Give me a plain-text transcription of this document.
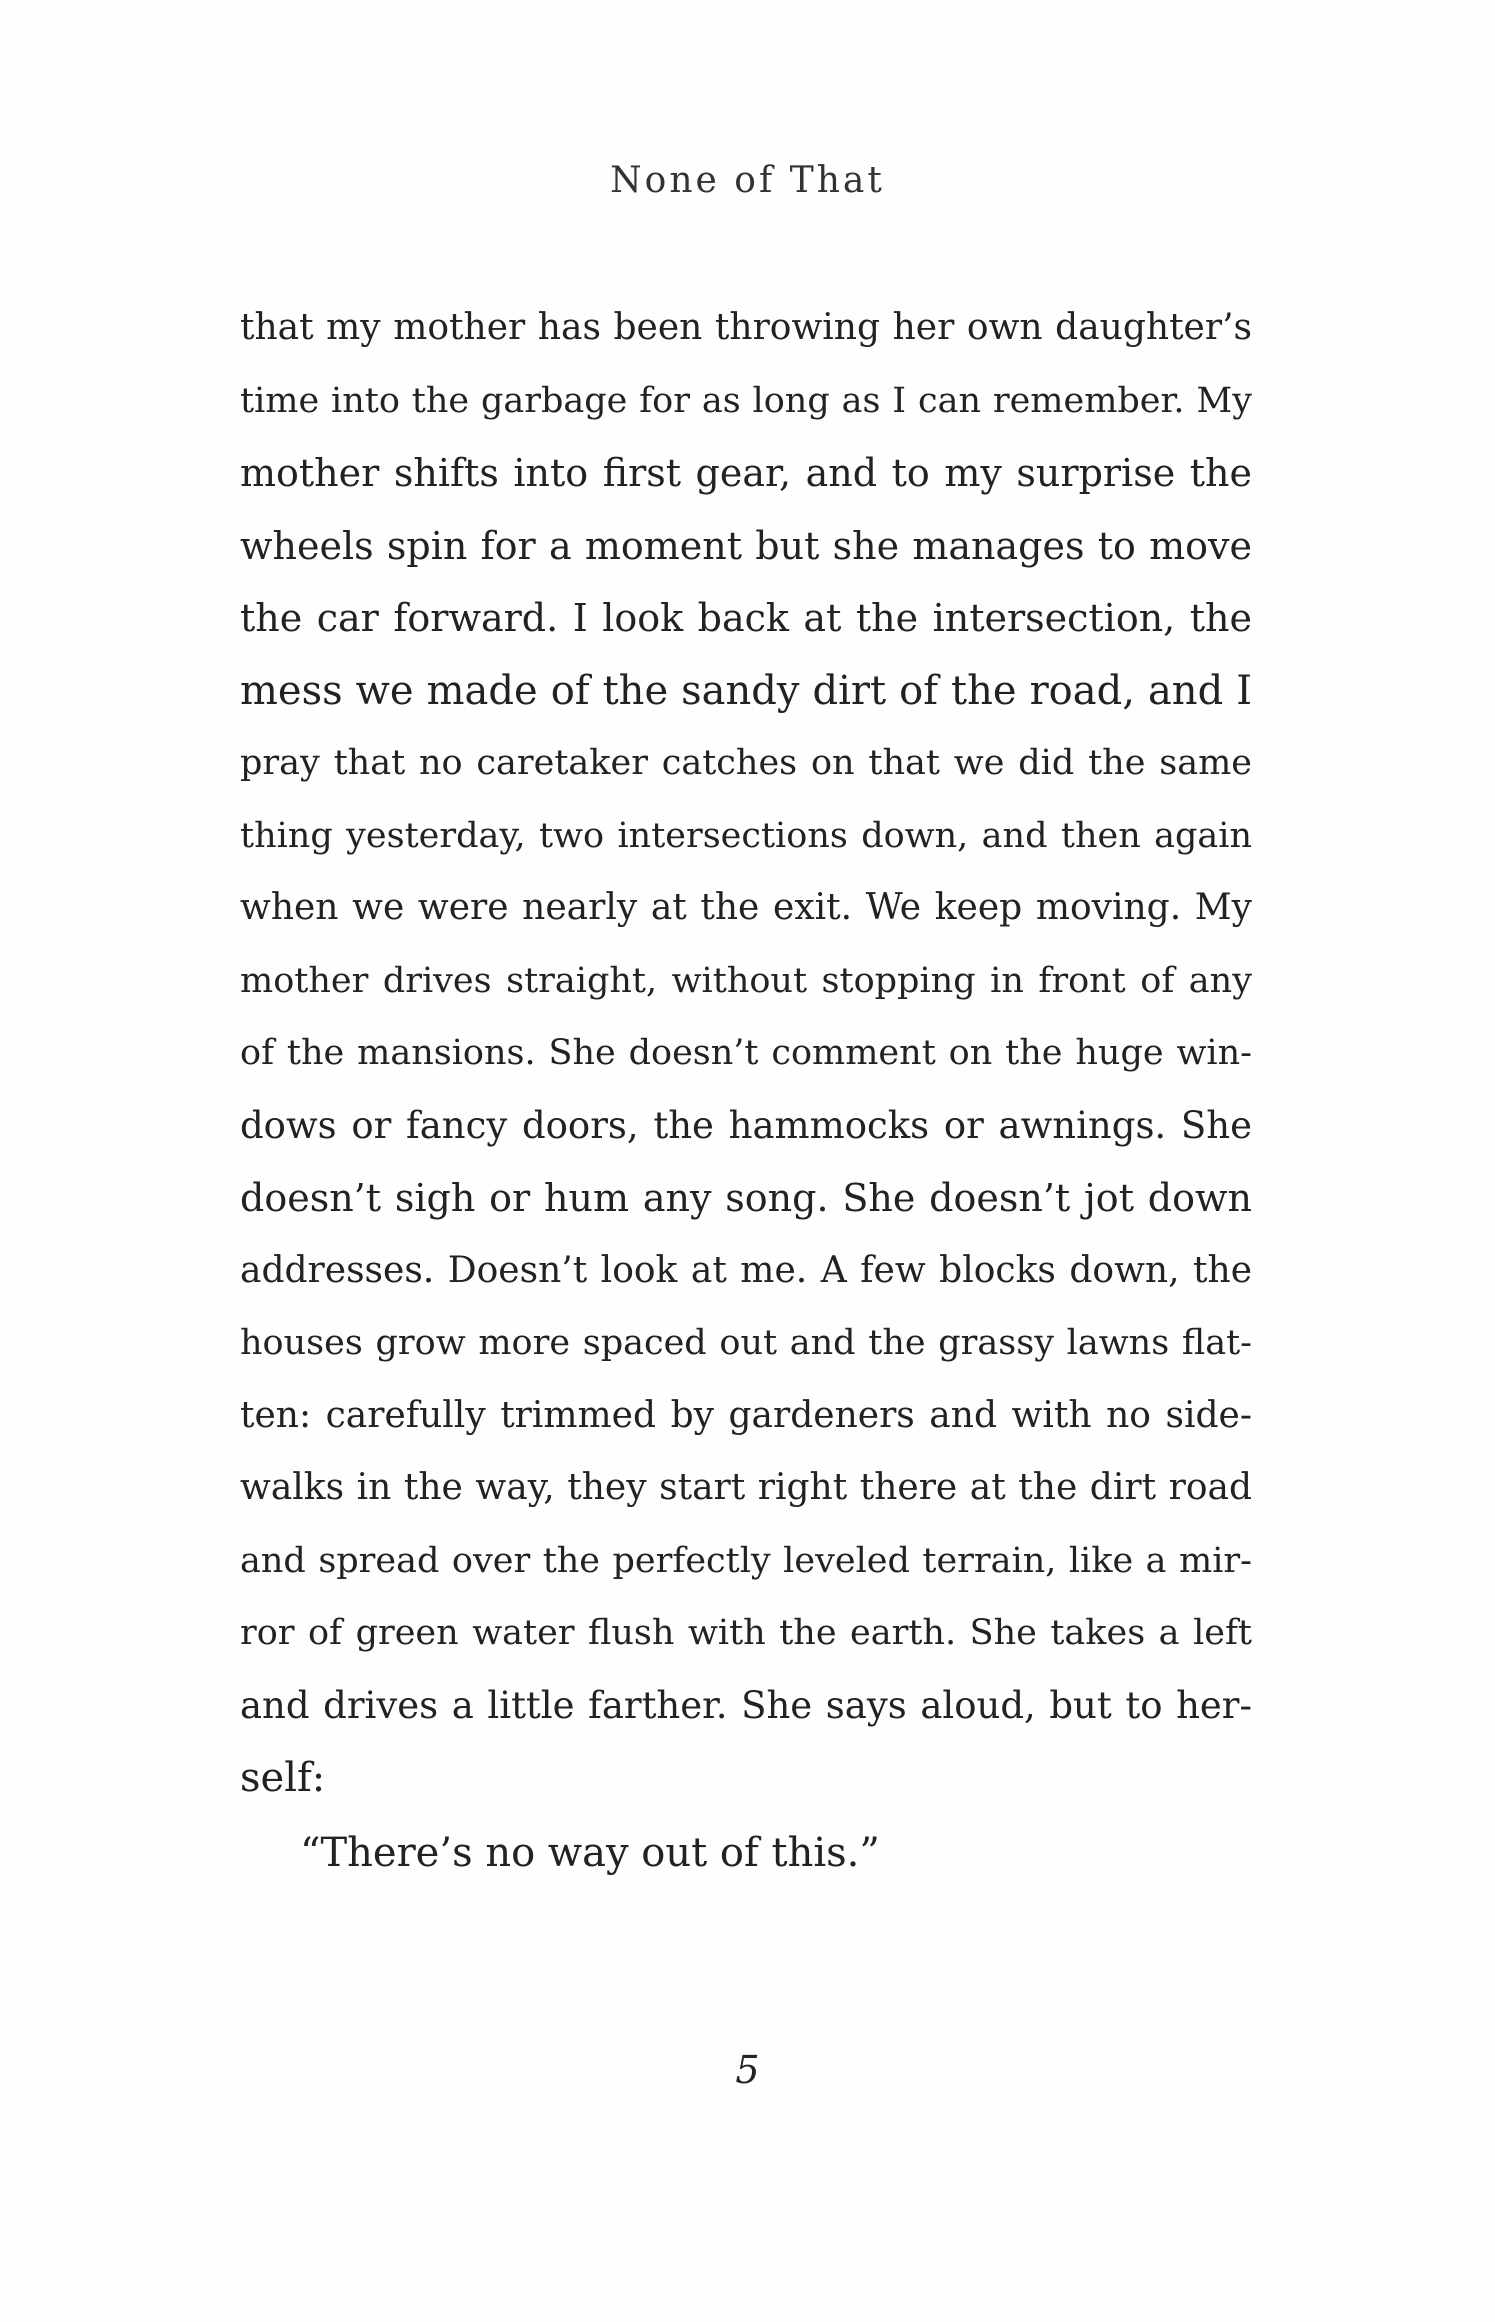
None of That
that my mother has been throwing her own daughter’s
time into the garbage for as long as I can remember. My
mother shifts into first gear, and to my surprise the
wheels spin for a moment but she manages to move
the car forward. I look back at the intersection, the
mess we made of the sandy dirt of the road, and I
pray that no caretaker catches on that we did the same
thing yesterday, two intersections down, and then again
when we were nearly at the exit. We keep moving. My
mother drives straight, without stopping in front of any
of the mansions. She doesn’t comment on the huge win-
dows or fancy doors, the hammocks or awnings. She
doesn’t sigh or hum any song. She doesn’t jot down
addresses. Doesn’t look at me. A few blocks down, the
houses grow more spaced out and the grassy lawns flat-
ten: carefully trimmed by gardeners and with no side-
walks in the way, they start right there at the dirt road
and spread over the perfectly leveled terrain, like a mir-
ror of green water flush with the earth. She takes a left
and drives a little farther. She says aloud, but to her-
self:
“There’s no way out of this.”
5
